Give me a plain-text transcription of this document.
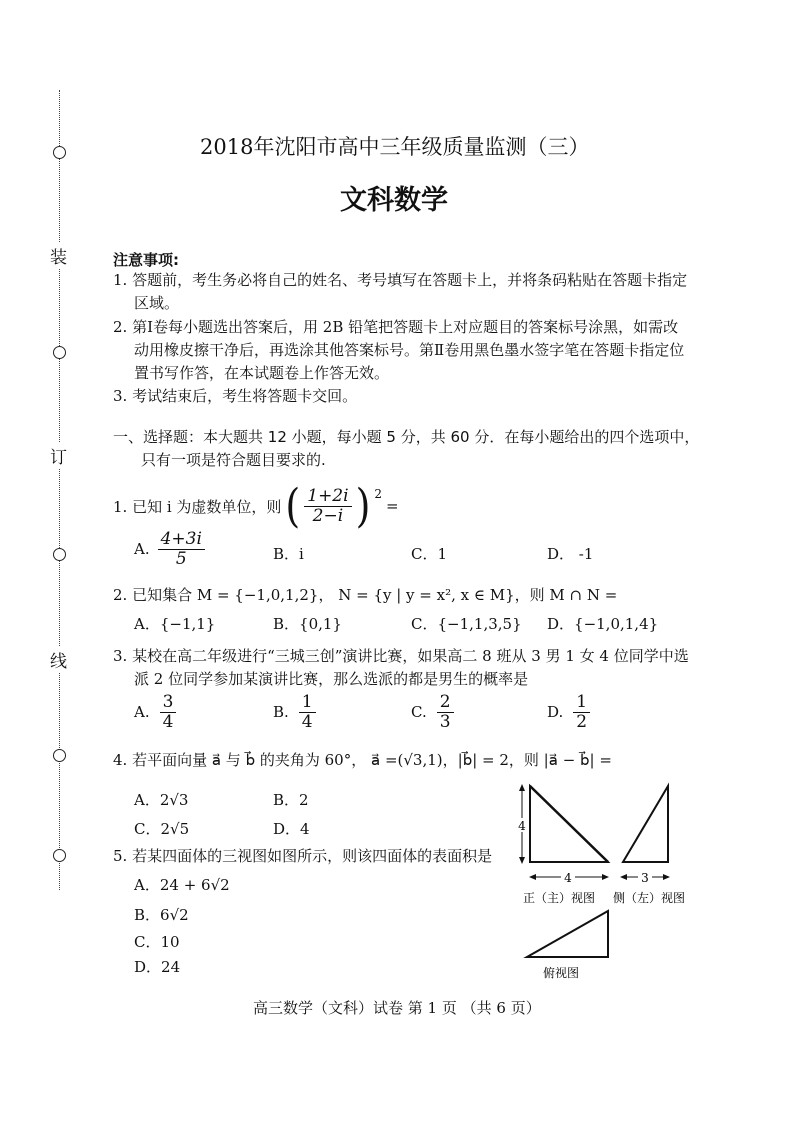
装
订
线
2018年沈阳市高中三年级质量监测（三）
文科数学
注意事项:
1. 答题前，考生务必将自己的姓名、考号填写在答题卡上，并将条码粘贴在答题卡指定
区域。
2. 第Ⅰ卷每小题选出答案后，用 2B 铅笔把答题卡上对应题目的答案标号涂黑，如需改
动用橡皮擦干净后，再选涂其他答案标号。第Ⅱ卷用黑色墨水签字笔在答题卡指定位
置书写作答，在本试题卷上作答无效。
3. 考试结束后，考生将答题卡交回。
一、选择题：本大题共 12 小题，每小题 5 分，共 60 分．在每小题给出的四个选项中，
只有一项是符合题目要求的.
1. 已知 i 为虚数单位，则 ( $\frac{1+2i}{2-i}$ ) $^2$
=
A. $\frac{4+3i}{5}$	B．i	C．1	D． -1
2. 已知集合 M = {−1,0,1,2}， N = {y | y = x², x ∈ M}，则 M ∩ N =
A．{−1,1}	B．{0,1}	C．{−1,1,3,5} D．{−1,0,1,4}
3. 某校在高二年级进行“三城三创”演讲比赛，如果高二 8 班从 3 男 1 女 4 位同学中选
派 2 位同学参加某演讲比赛，那么选派的都是男生的概率是
A. $\frac{3}{4}$	B. $\frac{1}{4}$	C. $\frac{2}{3}$	D. $\frac{1}{2}$
4. 若平面向量 a⃗ 与 b⃗ 的夹角为 60°， a⃗ =(√3,1)，|b⃗| = 2，则 |a⃗ − b⃗| =
A．2√3	B．2
C．2√5	D．4
5. 若某四面体的三视图如图所示，则该四面体的表面积是
A．24 + 6√2
B．6√2
C．10
D．24
4
4
正（主）视图
3
侧（左）视图
俯视图
高三数学（文科）试卷 第 1 页 （共 6 页）
